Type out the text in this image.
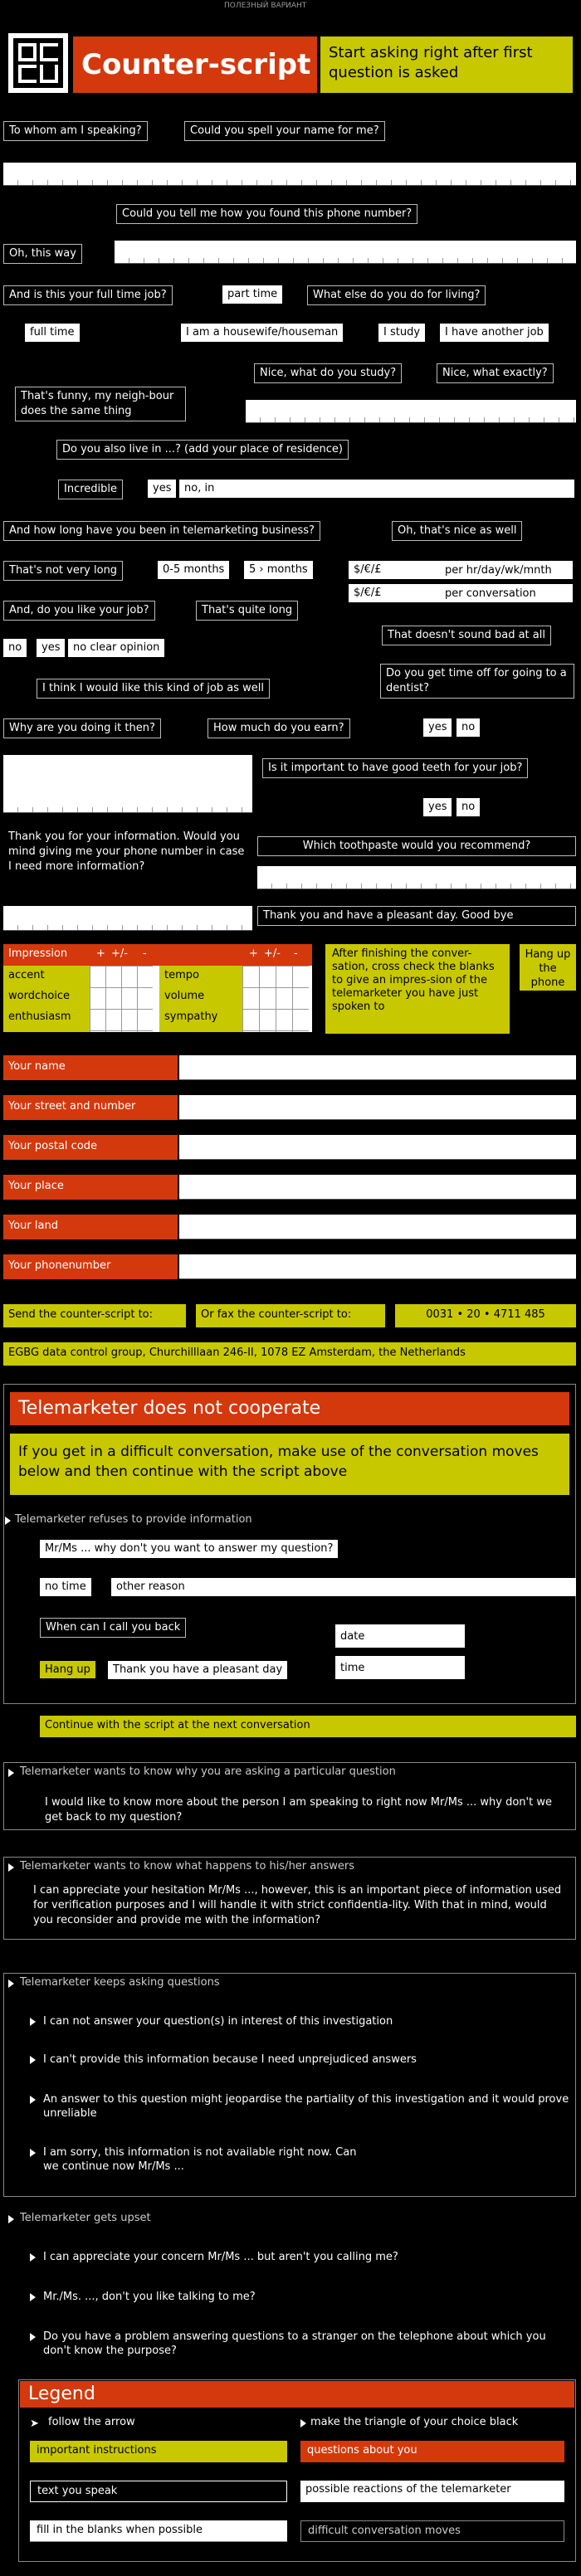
ПОЛЕЗНЫЙ ВАРИАНТ
Counter-script	Start asking right after first question is asked
To whom am I speaking?	Could you spell your name for me?
Could you tell me how you found this phone number?
Oh, this way
And is this your full time job?	part time	What else do you do for living?
full time	I am a housewife/houseman	I study	I have another job
Nice, what do you study?	Nice, what exactly?
That's funny, my neigh-bour does the same thing
Do you also live in ...? (add your place of residence)
Incredible	yes	no, in
And how long have you been in telemarketing business?	Oh, that's nice as well
That's not very long	0-5 months	5 › months	$/€/£	per hr/day/wk/mnth
$/€/£	per conversation
And, do you like your job?	That's quite long
That doesn't sound bad at all
no	yes	no clear opinion
Do you get time off for going to a dentist?
I think I would like this kind of job as well
Why are you doing it then?	How much do you earn?	yes	no
Is it important to have good teeth for your job?
yes	no
Thank you for your information. Would you mind giving me your phone number in case I need more information?
Which toothpaste would you recommend?
Thank you and have a pleasant day. Good bye
Impression	+ +/- -	+ +/- -
accent
wordchoice
enthusiasm
tempo
volume
sympathy
After finishing the conver-sation, cross check the blanks to give an impres-sion of the telemarketer you have just spoken to
Hang up the phone
Your name
Your street and number
Your postal code
Your place
Your land
Your phonenumber
Send the counter-script to:	Or fax the counter-script to:	0031 • 20 • 4711 485
EGBG data control group, Churchilllaan 246-II, 1078 EZ Amsterdam, the Netherlands
Telemarketer does not cooperate
If you get in a difficult conversation, make use of the conversation moves below and then continue with the script above
Telemarketer refuses to provide information
Mr/Ms ... why don't you want to answer my question?
no time	other reason
When can I call you back
date
Hang up	Thank you have a pleasant day	time
Continue with the script at the next conversation
Telemarketer wants to know why you are asking a particular question
I would like to know more about the person I am speaking to right now Mr/Ms ... why don't we get back to my question?
Telemarketer wants to know what happens to his/her answers
I can appreciate your hesitation Mr/Ms ..., however, this is an important piece of information used for verification purposes and I will handle it with strict confidentia-lity. With that in mind, would you reconsider and provide me with the information?
Telemarketer keeps asking questions
I can not answer your question(s) in interest of this investigation
I can't provide this information because I need unprejudiced answers
An answer to this question might jeopardise the partiality of this investigation and it would prove unreliable
I am sorry, this information is not available right now. Can we continue now Mr/Ms ...
Telemarketer gets upset
I can appreciate your concern Mr/Ms ... but aren't you calling me?
Mr./Ms. ..., don't you like talking to me?
Do you have a problem answering questions to a stranger on the telephone about which you don't know the purpose?
Legend
➤ follow the arrow	make the triangle of your choice black
important instructions	questions about you
text you speak	possible reactions of the telemarketer
fill in the blanks when possible	difficult conversation moves
